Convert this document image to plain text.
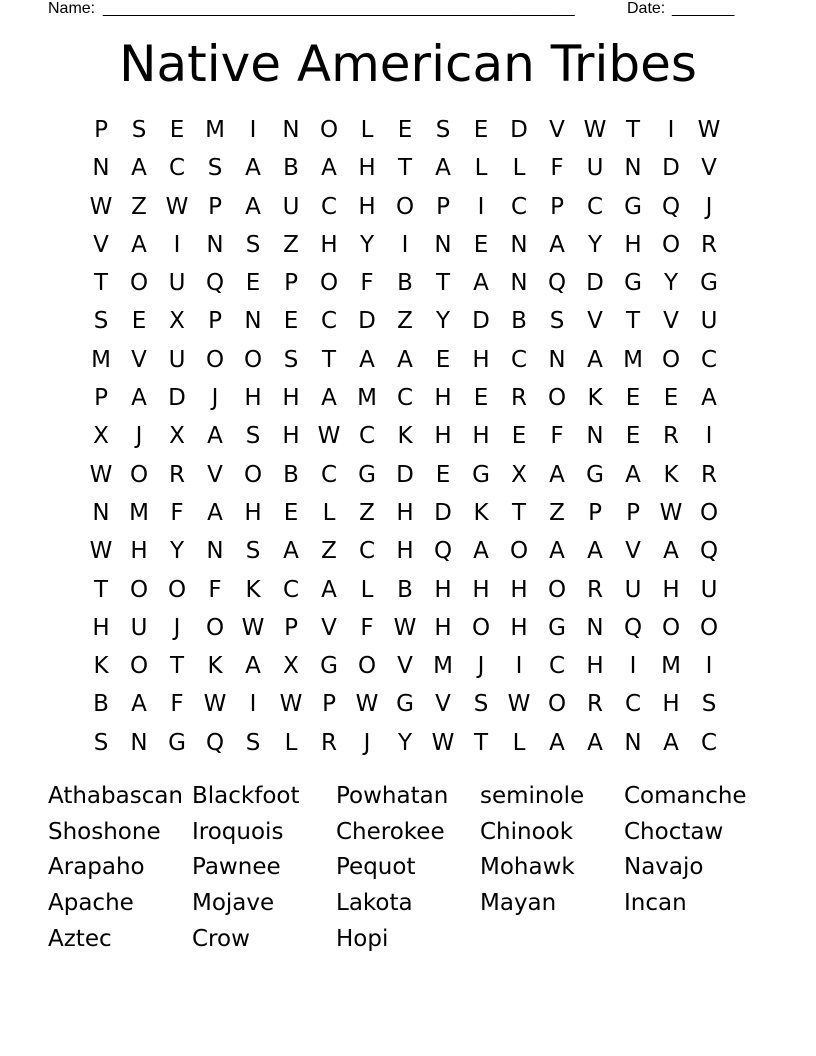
Name: _____________________________________________________	Date: _______
Native American Tribes
P	S	E M	I	N O L	E	S	E D V W T	I	W
N A C S A B A H T	A	L	L	F U N D V
W Z W P	A U C H O P	I	C	P	C G Q	J
V A	I	N S Z H Y	I	N E N A	Y H O R
T O U Q E	P O F	B	T	A N Q D G Y G
S	E X	P N E C D Z	Y D B S V	T	V U
M V U O O S	T	A A E H C N A M O C
P	A D	J	H H A M C H E R O K	E	E A
X	J	X A S H W C K H H E	F N E R	I
W O R V O B C G D E G X A G A K R
N M F	A H E	L	Z H D K	T	Z	P	P W O
W H Y N S A Z C H Q A O A A V A Q
T O O F	K C A	L	B H H H O R U H U
H U	J	O W P	V	F W H O H G N Q O O
K O T	K A X G O V M	J	I	C H	I	M	I
B A	F W	I	W P W G V S W O R C H S
S N G Q S	L	R	J	Y W T	L	A A N A C
Athabascan Blackfoot	Powhatan	seminole	Comanche
Shoshone	Iroquois	Cherokee	Chinook	Choctaw
Arapaho	Pawnee	Pequot	Mohawk	Navajo
Apache	Mojave	Lakota	Mayan	Incan
Aztec	Crow	Hopi
